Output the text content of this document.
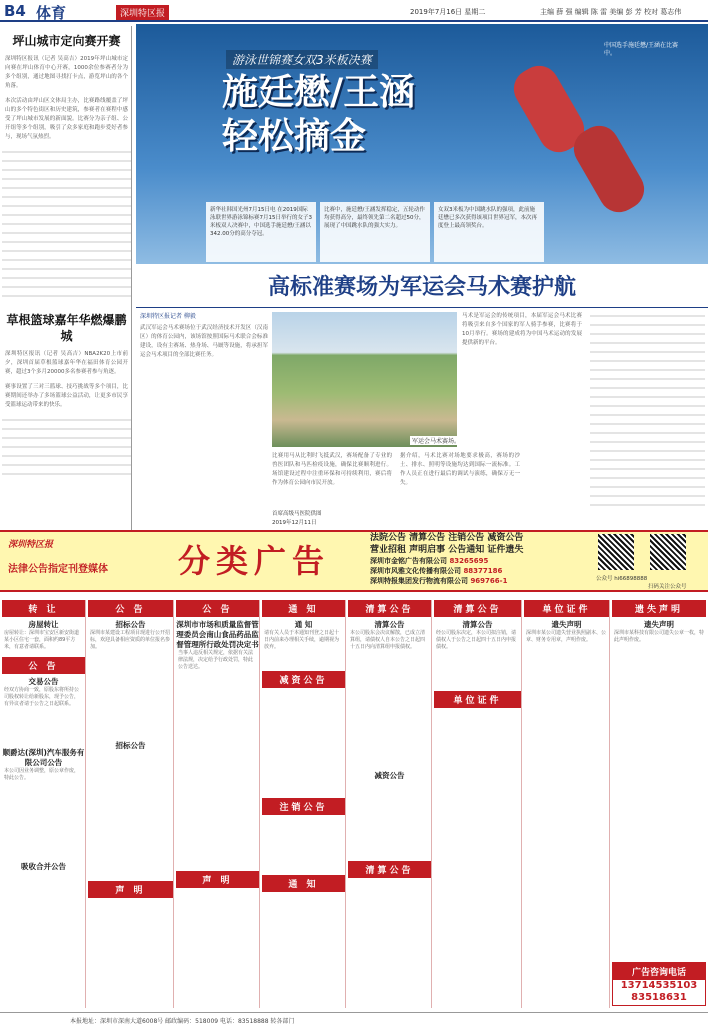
B4 体育	深圳特区报	2019年7月16日 星期二	主编 薛 强 编辑 陈 雷 美编 彭 芳 校对 葛志伟
坪山城市定向赛开赛

深圳特区报讯（记者 吴高吉）2019年坪山城市定向赛在坪山体育中心开赛，1000余位参赛者分为多个组别，通过地图寻找打卡点，游览坪山的各个角落。

本次活动由坪山区文体局主办，比赛路线覆盖了坪山的多个特色街区和历史建筑，参赛者在赛程中感受了坪山城市发展的新面貌。比赛分为亲子组、公开组等多个组别，吸引了众多家庭和跑步爱好者参与，现场气氛热烈。

草根篮球嘉年华燃爆鹏城

深圳特区报讯（记者 吴高吉）NBA2K20上市前夕，深圳首届草根篮球嘉年华在福田体育公园开赛，超过3个多月20000多名参赛者参与角逐。

赛事设置了三对三篮球、技巧挑战等多个项目，比赛期间还举办了多场篮球公益活动，让更多市民享受篮球运动带来的快乐。

游泳世锦赛女双3米板决赛
施廷懋/王涵
轻松摘金
中国选手施廷懋/王涵在比赛中。
新华社韩国光州7月15日电 在2019国际泳联世界游泳锦标赛7月15日举行的女子3米板双人决赛中，中国选手施廷懋/王涵以342.00分的高分夺冠。
比赛中，施廷懋/王涵发挥稳定，五轮动作均获得高分，最终领先第二名超过50分，展现了中国跳水队的强大实力。
女双3米板为中国跳水队的强项，此前施廷懋已多次获得该项目世界冠军，本次再度登上最高领奖台。
高标准赛场为军运会马术赛护航
深圳特区报记者 柳毅
武汉军运会马术赛场位于武汉经济技术开发区（汉南区）的体育公园内，该场馆按照国际马术联合会标准建设，设有主赛场、热身场、马厩等设施，将承担军运会马术项目的全部比赛任务。
军运会马术赛场。
比赛用马从比利时飞抵武汉，赛场配备了专业的兽医团队和马匹检疫设施，确保比赛顺利进行。场馆建设过程中注重环保和可持续利用，赛后将作为体育公园向市民开放。
据介绍，马术比赛对场地要求极高，赛场的沙土、排水、照明等设施均达到国际一流标准。工作人员正在进行最后的调试与演练，确保万无一失。
马术是军运会的传统项目，本届军运会马术比赛将吸引来自多个国家的军人骑手参赛，比赛将于10月举行。赛场的建成将为中国马术运动的发展提供新的平台。
首席高级马医院供图
2019年12月11日
深圳特区报
法律公告指定刊登媒体 分类广告
法院公告 清算公告 注销公告 减资公告
营业招租 声明启事 公告通知 证件遗失
深圳市金铭广告有限公司 83265695
深圳市风雅文化传播有限公司 88377186
深圳特报集团发行物流有限公司 969766-1	公众号 hi66898888
扫码关注公众号
转 让
房屋转让

房屋转让：深圳市宝安区新安街道某小区住宅一套，面积约89平方米，有意者请联系。

公 告
交易公告

经双方协商一致，原股东将所持公司股权转让给新股东，现予公告，有异议者请于公告之日起联系。

顺爵达(深圳)汽车服务有限公司公告

本公司因业务调整，原公章作废，特此公告。

吸收合并公告
公 告
招标公告

深圳市某建设工程项目现进行公开招标，欢迎具备相应资质的单位报名参加。

招标公告
声 明
公 告
深圳市市场和质量监督管理委员会南山食品药品监督管理所行政处罚决定书

当事人违反相关规定，依据有关法律法规，决定给予行政处罚，特此公告送达。

声 明
通 知
通 知

请有关人员于本通知刊登之日起十日内前来办理相关手续，逾期视为放弃。

减资公告
注销公告
通 知
清算公告
清算公告

本公司股东会决议解散，已成立清算组，请债权人自本公告之日起四十五日内向清算组申报债权。

减资公告
清算公告
清算公告
清算公告

经公司股东决定，本公司拟注销，请债权人于公告之日起四十五日内申报债权。

单位证件
单位证件
遗失声明

深圳市某公司遗失营业执照副本、公章、财务专用章，声明作废。

遗失声明
遗失声明

深圳市某科技有限公司遗失公章一枚，特此声明作废。

广告咨询电话
13714535103
83518631
本报地址：深圳市深南大道6008号 邮政编码：518009 电话：83518888 转各部门
